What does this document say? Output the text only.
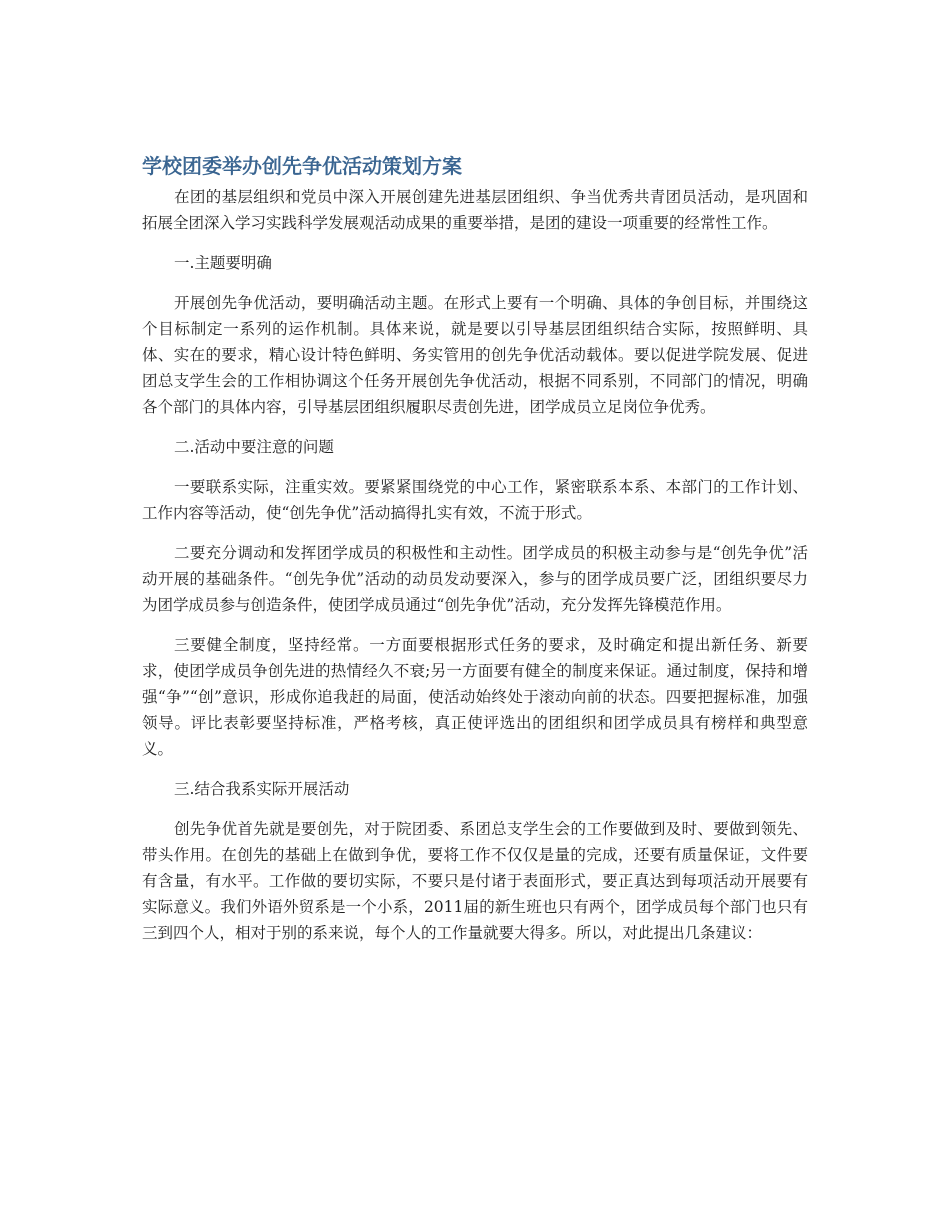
学校团委举办创先争优活动策划方案

在团的基层组织和党员中深入开展创建先进基层团组织、争当优秀共青团员活动，是巩固和拓展全团深入学习实践科学发展观活动成果的重要举措，是团的建设一项重要的经常性工作。

一.主题要明确

开展创先争优活动，要明确活动主题。在形式上要有一个明确、具体的争创目标，并围绕这个目标制定一系列的运作机制。具体来说，就是要以引导基层团组织结合实际，按照鲜明、具体、实在的要求，精心设计特色鲜明、务实管用的创先争优活动载体。要以促进学院发展、促进团总支学生会的工作相协调这个任务开展创先争优活动，根据不同系别，不同部门的情况，明确各个部门的具体内容，引导基层团组织履职尽责创先进，团学成员立足岗位争优秀。

二.活动中要注意的问题

一要联系实际，注重实效。要紧紧围绕党的中心工作，紧密联系本系、本部门的工作计划、工作内容等活动，使“创先争优”活动搞得扎实有效，不流于形式。

二要充分调动和发挥团学成员的积极性和主动性。团学成员的积极主动参与是“创先争优”活动开展的基础条件。“创先争优”活动的动员发动要深入，参与的团学成员要广泛，团组织要尽力为团学成员参与创造条件，使团学成员通过“创先争优”活动，充分发挥先锋模范作用。

三要健全制度，坚持经常。一方面要根据形式任务的要求，及时确定和提出新任务、新要求，使团学成员争创先进的热情经久不衰;另一方面要有健全的制度来保证。通过制度，保持和增强“争”“创”意识，形成你追我赶的局面，使活动始终处于滚动向前的状态。四要把握标准，加强领导。评比表彰要坚持标准，严格考核，真正使评选出的团组织和团学成员具有榜样和典型意义。

三.结合我系实际开展活动

创先争优首先就是要创先，对于院团委、系团总支学生会的工作要做到及时、要做到领先、带头作用。在创先的基础上在做到争优，要将工作不仅仅是量的完成，还要有质量保证，文件要有含量，有水平。工作做的要切实际，不要只是付诸于表面形式，要正真达到每项活动开展要有实际意义。我们外语外贸系是一个小系，2011届的新生班也只有两个，团学成员每个部门也只有三到四个人，相对于别的系来说，每个人的工作量就要大得多。所以，对此提出几条建议：
